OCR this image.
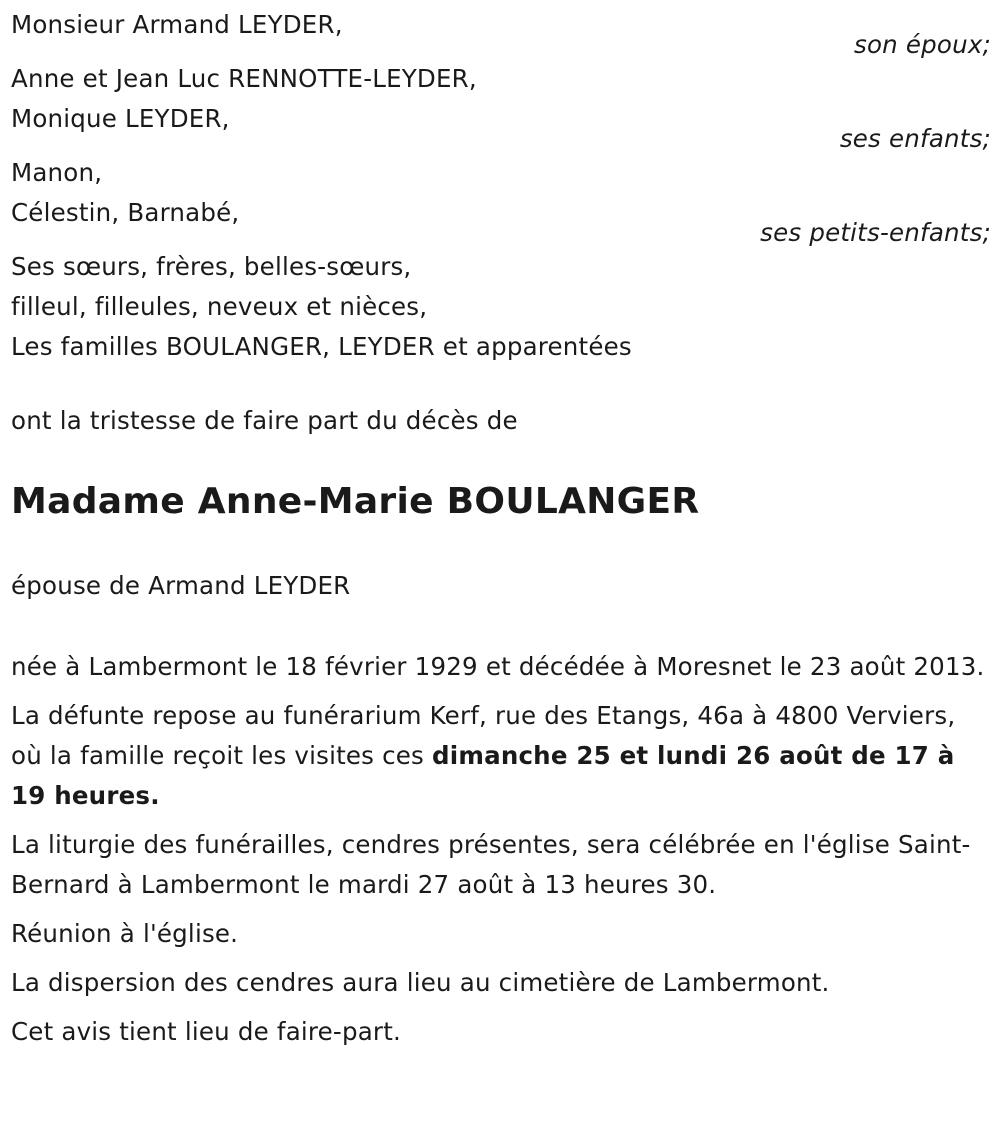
Monsieur Armand LEYDER,
son époux;
Anne et Jean Luc RENNOTTE-LEYDER,
Monique LEYDER,
ses enfants;
Manon,
Célestin, Barnabé,
ses petits-enfants;
Ses sœurs, frères, belles-sœurs,
filleul, filleules, neveux et nièces,
Les familles BOULANGER, LEYDER et apparentées
ont la tristesse de faire part du décès de
Madame Anne-Marie BOULANGER
épouse de Armand LEYDER

née à Lambermont le 18 février 1929 et décédée à Moresnet le 23 août 2013.

La défunte repose au funérarium Kerf, rue des Etangs, 46a à 4800 Verviers, où la famille reçoit les visites ces dimanche 25 et lundi 26 août de 17 à 19 heures.

La liturgie des funérailles, cendres présentes, sera célébrée en l'église Saint-Bernard à Lambermont le mardi 27 août à 13 heures 30.

Réunion à l'église.

La dispersion des cendres aura lieu au cimetière de Lambermont.

Cet avis tient lieu de faire-part.
